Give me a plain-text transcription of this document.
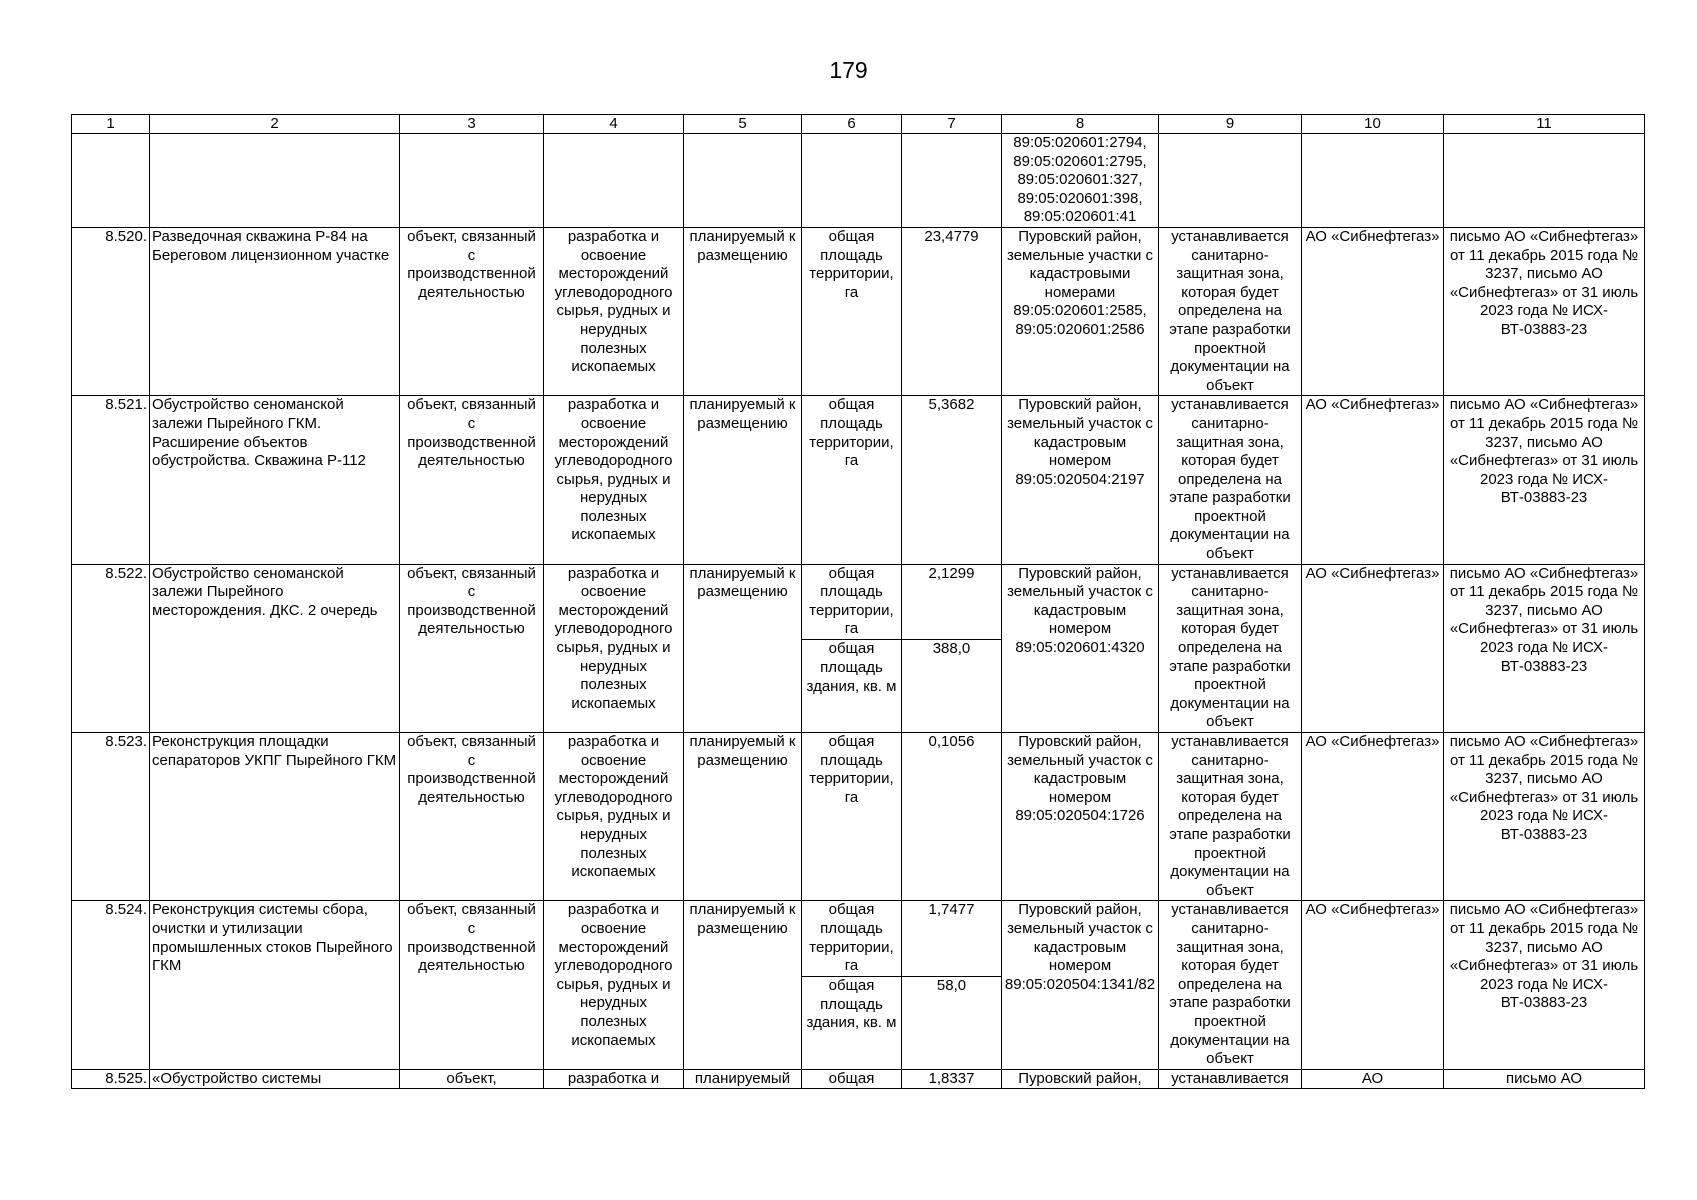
179
1	2	3	4	5	6	7	8	9	10	11

							89:05:020601:2794,
89:05:020601:2795,
89:05:020601:327,
89:05:020601:398,
89:05:020601:41			

8.520.	Разведочная скважина Р-84 на Береговом лицензионном участке	объект, связанный с производственной деятельностью	разработка и освоение месторождений углеводородного сырья, рудных и нерудных полезных ископаемых	планируемый к размещению	общая площадь территории, га	23,4779	Пуровский район, земельные участки с кадастровыми номерами 89:05:020601:2585, 89:05:020601:2586	устанавливается санитарно-защитная зона, которая будет определена на этапе разработки проектной документации на объект	АО «Сибнефтегаз»	письмо АО «Сибнефтегаз» от 11 декабрь 2015 года № 3237, письмо АО «Сибнефтегаз» от 31 июль 2023 года № ИСХ-ВТ-03883-23
8.521.	Обустройство сеноманской залежи Пырейного ГКМ. Расширение объектов обустройства. Скважина Р-112	объект, связанный с производственной деятельностью	разработка и освоение месторождений углеводородного сырья, рудных и нерудных полезных ископаемых	планируемый к размещению	общая площадь территории, га	5,3682	Пуровский район, земельный участок с кадастровым номером 89:05:020504:2197	устанавливается санитарно-защитная зона, которая будет определена на этапе разработки проектной документации на объект	АО «Сибнефтегаз»	письмо АО «Сибнефтегаз» от 11 декабрь 2015 года № 3237, письмо АО «Сибнефтегаз» от 31 июль 2023 года № ИСХ-ВТ-03883-23
8.522.	Обустройство сеноманской залежи Пырейного месторождения. ДКС. 2 очередь	объект, связанный с производственной деятельностью	разработка и освоение месторождений углеводородного сырья, рудных и нерудных полезных ископаемых	планируемый к размещению	общая площадь территории, га	2,1299	Пуровский район, земельный участок с кадастровым номером 89:05:020601:4320	устанавливается санитарно-защитная зона, которая будет определена на этапе разработки проектной документации на объект	АО «Сибнефтегаз»	письмо АО «Сибнефтегаз» от 11 декабрь 2015 года № 3237, письмо АО «Сибнефтегаз» от 31 июль 2023 года № ИСХ-ВТ-03883-23
					общая площадь здания, кв. м	388,0				
8.523.	Реконструкция площадки сепараторов УКПГ Пырейного ГКМ	объект, связанный с производственной деятельностью	разработка и освоение месторождений углеводородного сырья, рудных и нерудных полезных ископаемых	планируемый к размещению	общая площадь территории, га	0,1056	Пуровский район, земельный участок с кадастровым номером 89:05:020504:1726	устанавливается санитарно-защитная зона, которая будет определена на этапе разработки проектной документации на объект	АО «Сибнефтегаз»	письмо АО «Сибнефтегаз» от 11 декабрь 2015 года № 3237, письмо АО «Сибнефтегаз» от 31 июль 2023 года № ИСХ-ВТ-03883-23
8.524.	Реконструкция системы сбора, очистки и утилизации промышленных стоков Пырейного ГКМ	объект, связанный с производственной деятельностью	разработка и освоение месторождений углеводородного сырья, рудных и нерудных полезных ископаемых	планируемый к размещению	общая площадь территории, га	1,7477	Пуровский район, земельный участок с кадастровым номером 89:05:020504:1341/82	устанавливается санитарно-защитная зона, которая будет определена на этапе разработки проектной документации на объект	АО «Сибнефтегаз»	письмо АО «Сибнефтегаз» от 11 декабрь 2015 года № 3237, письмо АО «Сибнефтегаз» от 31 июль 2023 года № ИСХ-ВТ-03883-23
					общая площадь здания, кв. м	58,0				
8.525.	«Обустройство системы	объект,	разработка и	планируемый	общая	1,8337	Пуровский район,	устанавливается	АО	письмо АО
